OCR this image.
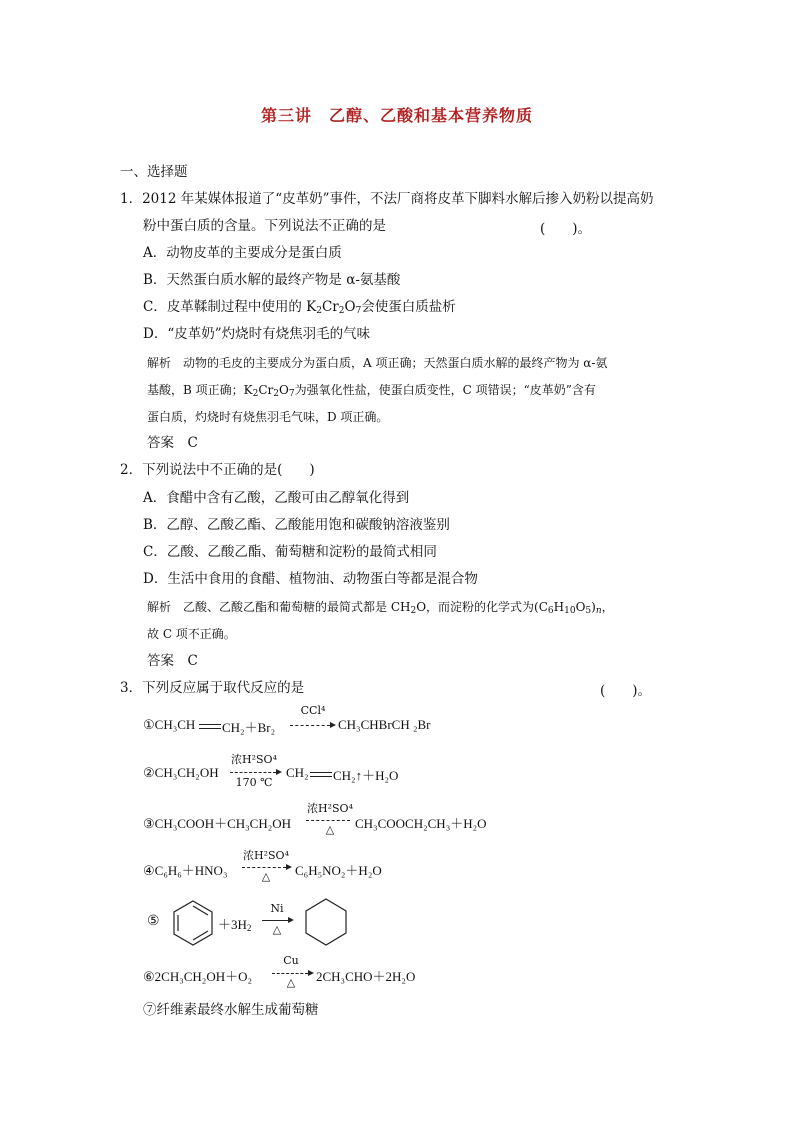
第三讲　乙醇、乙酸和基本营养物质
一、选择题
1．2012 年某媒体报道了“皮革奶”事件，不法厂商将皮革下脚料水解后掺入奶粉以提高奶
粉中蛋白质的含量。下列说法不正确的是	(　　)。
A．动物皮革的主要成分是蛋白质
B．天然蛋白质水解的最终产物是 α-氨基酸
C．皮革鞣制过程中使用的 $K_2Cr_2O_7$会使蛋白质盐析
D．“皮革奶”灼烧时有烧焦羽毛的气味
解析　动物的毛皮的主要成分为蛋白质，A 项正确；天然蛋白质水解的最终产物为 α-氨
基酸，B 项正确；$K_2Cr_2O_7$为强氧化性盐，使蛋白质变性，C 项错误；“皮革奶”含有
蛋白质，灼烧时有烧焦羽毛气味，D 项正确。
答案　C
2．下列说法中不正确的是(　　)
A．食醋中含有乙酸，乙酸可由乙醇氧化得到
B．乙醇、乙酸乙酯、乙酸能用饱和碳酸钠溶液鉴别
C．乙酸、乙酸乙酯、葡萄糖和淀粉的最简式相同
D．生活中食用的食醋、植物油、动物蛋白等都是混合物
解析　乙酸、乙酸乙酯和葡萄糖的最简式都是 $CH_2O$，而淀粉的化学式为$(C_6H_{10}O_5)_n$，
故 C 项不正确。
答案　C
3．下列反应属于取代反应的是	(　　)。
①CH₃CH CH₂＋Br₂
CCl⁴
CH₃CHBrCH ₂Br
②CH₃CH₂OH
浓H²SO⁴
170 ℃
CH₂ CH₂↑＋H₂O
③CH₃COOH＋CH₃CH₂OH
浓H²SO⁴
△	CH₃COOCH₂CH₃＋H₂O
④C₆H₆＋HNO₃
浓H²SO⁴
△	C₆H₅NO₂＋H₂O
⑤	$+3H_2$
Ni
△
⑥2CH₃CH₂OH＋O₂
Cu
△	2CH₃CHO＋2H₂O
⑦纤维素最终水解生成葡萄糖
